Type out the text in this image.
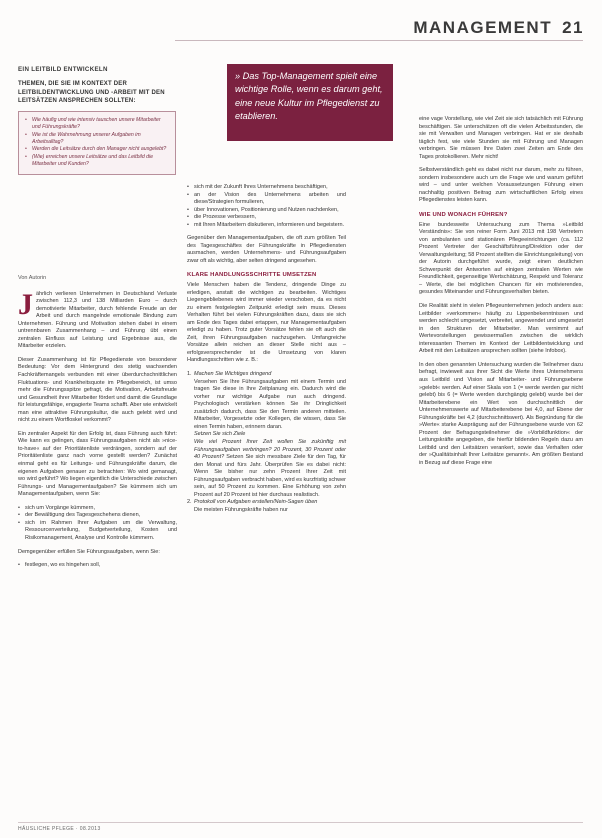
MANAGEMENT 21
EIN LEITBILD ENTWICKELN
THEMEN, DIE SIE IM KONTEXT DER LEITBILDENTWICKLUNG UND -ARBEIT MIT DEN LEITSÄTZEN ANSPRECHEN SOLLTEN:
• Wie häufig und wie intensiv tauschen unsere Mitarbeiter und Führungskräfte?
• Wie ist die Wahrnehmung unserer Aufgaben im Arbeitsalltag?
• Werden die Leitsätze durch den Manager nicht ausgelebt?
• (Wie) erreichen unsere Leitsätze und das Leitbild die Mitarbeiter und Kunden?
» Das Top-Management spielt eine wichtige Rolle, wenn es darum geht, eine neue Kultur im Pflegedienst zu etablieren.
Von Autorin

Jährlich verlieren Unternehmen in Deutschland Verluste zwischen 112,3 und 138 Milliarden Euro – durch demotivierte Mitarbeiter, durch fehlende Freude an der Arbeit und durch mangelnde emotionale Bindung zum Unternehmen. Führung und Motivation stehen dabei in einem untrennbaren Zusammenhang – und Führung übt einen zentralen Einfluss auf Leistung und Ergebnisse aus, die Mitarbeiter erzielen.

Dieser Zusammenhang ist für Pflegedienste von besonderer Bedeutung: Vor dem Hintergrund des stetig wachsenden Fachkräftemangels verbunden mit einer überdurchschnittlichen Fluktuations- und Krankheitsquote im Pflegebereich, ist umso mehr die Führungsspitze gefragt, die Motivation, Arbeitsfreude und Gesundheit ihrer Mitarbeiter fördert und damit die Grundlage für leistungsfähige, engagierte Teams schafft. Aber wie entwickelt man eine attraktive Führungskultur, die auch gelebt wird und nicht zu einem Wortfloskel verkommt?

Ein zentraler Aspekt für den Erfolg ist, dass Führung auch führt: Wie kann es gelingen, dass Führungsaufgaben nicht als »nice-to-have« auf der Prioritätenliste verdrängen, sondern auf der Prioritätenliste ganz nach vorne gestellt werden? Zunächst einmal geht es für Leitungs- und Führungskräfte darum, die eigenen Aufgaben genauer zu betrachten: Wo wird gemanagt, wo wird geführt? Wo liegen eigentlich die Unterschiede zwischen Führungs- und Managementaufgaben? Sie kümmern sich um Managementaufgaben, wenn Sie:

• sich um Vorgänge kümmern,
• der Bewältigung des Tagesgeschehens dienen,
• sich im Rahmen Ihrer Aufgaben um die Verwaltung, Ressourcenverteilung, Budgetverteilung, Kosten und Risikomanagement, Analyse und Kontrolle kümmern.

Demgegenüber erfüllen Sie Führungsaufgaben, wenn Sie:

• festlegen, wo es hingehen soll,
• sich mit der Zukunft Ihres Unternehmens beschäftigen,
• an der Vision des Unternehmens arbeiten und diese/Strategien formulieren,
• über Innovationen, Positionierung und Nutzen nachdenken,
• die Prozesse verbessern,
• mit Ihren Mitarbeitern diskutieren, informieren und begeistern.

Gegenüber den Managementaufgaben, die oft zum größten Teil des Tagesgeschäftes der Führungskräfte in Pflegediensten ausmachen, werden Unternehmens- und Führungsaufgaben zwar oft als wichtig, aber selten dringend angesehen.

KLARE HANDLUNGSSCHRITTE UMSETZEN

Viele Menschen haben die Tendenz, dringende Dinge zu erledigen, anstatt die wichtigen zu bearbeiten. Wichtiges Liegengebliebenes wird immer wieder verschoben, da es nicht zu einem festgelegten Zeitpunkt erledigt sein muss. Dieses Verhalten führt bei vielen Führungskräften dazu, dass sie sich am Ende des Tages dabei ertappen, nur Managementaufgaben erledigt zu haben. Trotz guter Vorsätze fehlen sie oft auch die Zeit, ihren Führungsaufgaben nachzugehen. Umfangreiche Vorsätze allein reichen an dieser Stelle nicht aus – erfolgsversprechender ist die Umsetzung von klaren Handlungsschritten wie z. B.:

1. Machen Sie Wichtiges dringend
Versehen Sie Ihre Führungsaufgaben mit einem Termin und tragen Sie diese in Ihre Zeitplanung ein. Dadurch wird die vorher nur wichtige Aufgabe nun auch dringend. Psychologisch verstärken können Sie ihr Dringlichkeit zusätzlich dadurch, dass Sie den Termin anderen mitteilen. Mitarbeiter, Vorgesetzte oder Kollegen, die wissen, dass Sie einen Termin haben, erinnern daran.
Setzen Sie sich Ziele
Wie viel Prozent Ihrer Zeit wollen Sie zukünftig mit Führungsaufgaben verbringen? 20 Prozent, 30 Prozent oder 40 Prozent? Setzen Sie sich messbare Ziele für den Tag, für den Monat und fürs Jahr. Überprüfen Sie es dabei nicht: Wenn Sie bisher nur zehn Prozent Ihrer Zeit mit Führungsaufgaben verbracht haben, wird es kurzfristig schwer sein, auf 50 Prozent zu kommen. Eine Erhöhung von zehn Prozent auf 20 Prozent ist hier durchaus realistisch.
2. Protokoll von Aufgaben erstellen/Nein-Sagen üben
Die meisten Führungskräfte haben nur

eine vage Vorstellung, wie viel Zeit sie sich tatsächlich mit Führung beschäftigen. Sie unterschätzen oft die vielen Arbeitsstunden, die sie mit Verwalten und Managen verbringen. Hat er sie deshalb täglich fest, wie viele Stunden sie mit Führung und Managen verbringen. Sie müssen Ihre Daten zwei Zeiten am Ende des Tages protokollieren. Mehr nicht!

Selbstverständlich geht es dabei nicht nur darum, mehr zu führen, sondern insbesondere auch um die Frage wie und warum geführt wird – und unter welchen Voraussetzungen Führung einen nachhaltig positiven Beitrag zum wirtschaftlichen Erfolg eines Pflegedienstes leisten kann.

WIE UND WONACH FÜHREN?

Eine bundesweite Untersuchung zum Thema »Leitbild Verständnis«: Sie von reiner Form Juni 2013 mit 198 Vertretern von ambulanten und stationären Pflegeeinrichtungen (ca. 112 Prozent Vertreter der Geschäftsführung/Direktion oder der Verwaltungsleitung; 58 Prozent stellten die Einrichtungsleitung) von der Autorin durchgeführt wurde, zeigt einen deutlichen Schwerpunkt der Antworten auf einigen zentralen Werten wie Freundlichkeit, gegenseitige Wertschätzung, Respekt und Toleranz – Werte, die bei möglichen Chancen für ein motivierendes, gesundes Miteinander und Führungsverhalten bieten.

Die Realität sieht in vielen Pflegeunternehmen jedoch anders aus: Leitbilder »verkommen« häufig zu Lippenbekenntnissen und werden schlecht umgesetzt, verbreitet, angewendet und umgesetzt in den Strukturen der Mitarbeiter. Man vernimmt auf Wertevorstellungen gewissermaßen zwischen die wirklich interessanten Themen im Kontext der Leitbildentwicklung und Arbeit mit den Leitsätzen ansprechen sollten (siehe Infobox).

In den oben genannten Untersuchung wurden die Teilnehmer dazu befragt, inwieweit aus ihrer Sicht die Werte ihres Unternehmens aus Leitbild und Vision auf Mitarbeiter- und Führungsebene »gelebt« werden. Auf einer Skala von 1 (= werde werden gar nicht gelebt) bis 6 (= Werte werden durchgängig gelebt) wurde bei der Mitarbeiterebene ein Wert von durchschnittlich der Unternehmenswerte auf Mitarbeiterebene bei 4,0, auf Ebene der Führungskräfte bei 4,2 (durchschnittswert). Als Begründung für die »Werte« starke Ausprägung auf der Führungsebene wurde von 62 Prozent der Befragungsteilnehmer die »Vorbildfunktion« der Leitungskräfte angegeben, die hierfür bildenden Regeln dazu am Leitbild und den Leitsätzen verankert, sowie das Verhalten oder der »Qualitätsinhalt Ihrer Leitsätze genannt«. Am größten Bestand in Bezug auf diese Frage eine

HÄUSLICHE PFLEGE · 08.2013
